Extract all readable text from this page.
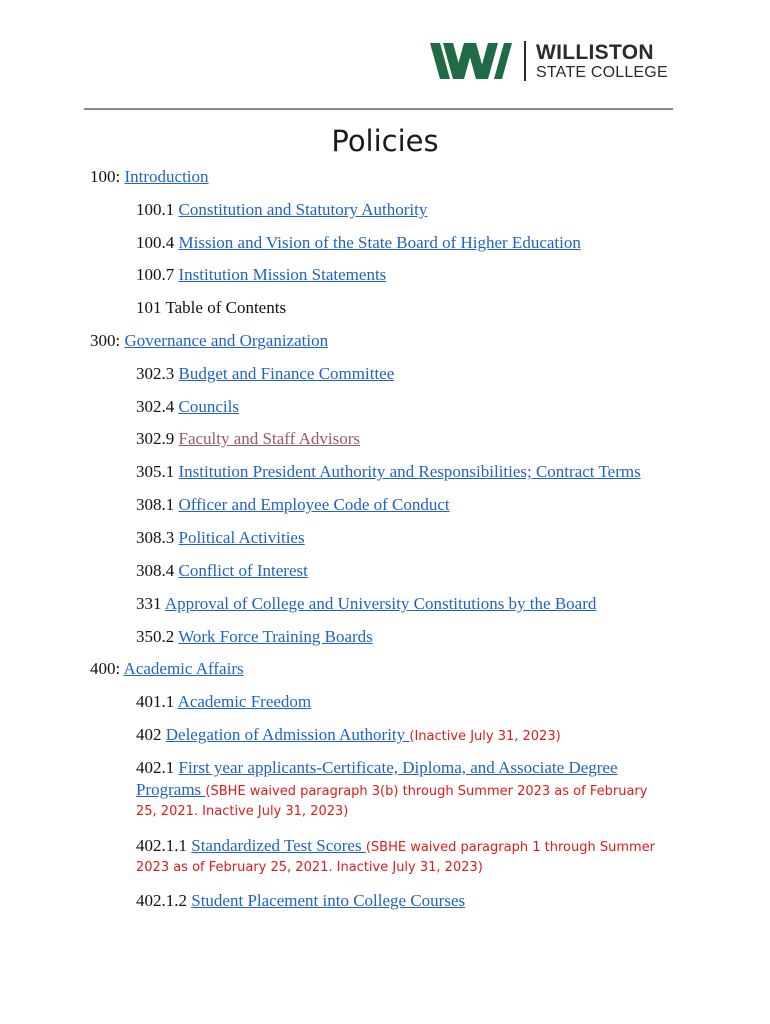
WILLISTON
STATE COLLEGE
Policies
100: Introduction
100.1 Constitution and Statutory Authority
100.4 Mission and Vision of the State Board of Higher Education
100.7 Institution Mission Statements
101 Table of Contents
300: Governance and Organization
302.3 Budget and Finance Committee
302.4 Councils
302.9 Faculty and Staff Advisors
305.1 Institution President Authority and Responsibilities; Contract Terms
308.1 Officer and Employee Code of Conduct
308.3 Political Activities
308.4 Conflict of Interest
331 Approval of College and University Constitutions by the Board
350.2 Work Force Training Boards
400: Academic Affairs
401.1 Academic Freedom
402 Delegation of Admission Authority (Inactive July 31, 2023)
402.1 First year applicants-Certificate, Diploma, and Associate Degree
Programs (SBHE waived paragraph 3(b) through Summer 2023 as of February
25, 2021. Inactive July 31, 2023)
402.1.1 Standardized Test Scores (SBHE waived paragraph 1 through Summer
2023 as of February 25, 2021. Inactive July 31, 2023)
402.1.2 Student Placement into College Courses
